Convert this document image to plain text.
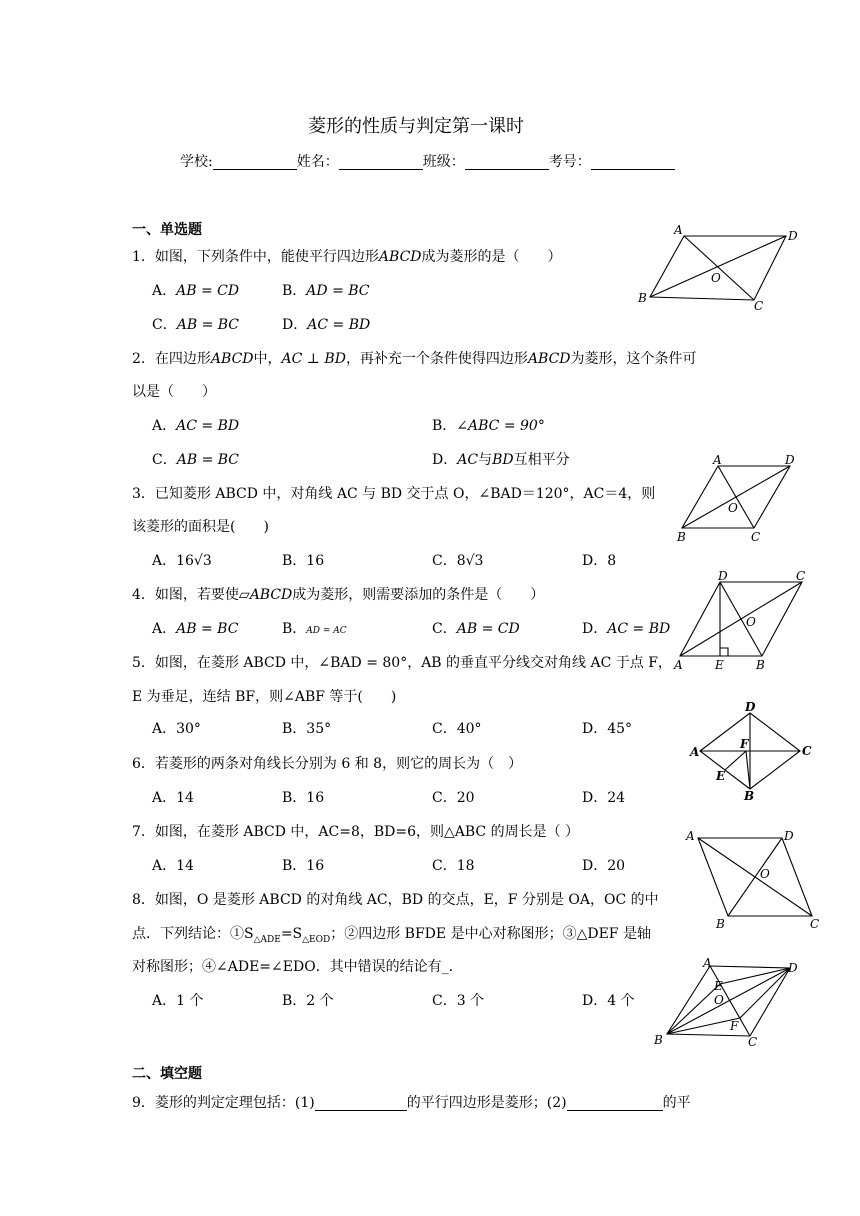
菱形的性质与判定第一课时
学校:	姓名：	班级：	考号：
一、单选题
1．如图，下列条件中，能使平行四边形ABCD成为菱形的是（　　）
A．AB = CD	B．AD = BC
C．AB = BC	D．AC = BD
2．在四边形ABCD中，AC ⊥ BD，再补充一个条件使得四边形ABCD为菱形，这个条件可
以是（　　）
A．AC = BD	B．∠ABC = 90°
C．AB = BC	D．AC与BD互相平分
3．已知菱形 ABCD 中，对角线 AC 与 BD 交于点 O，∠BAD＝120°，AC＝4，则
该菱形的面积是(　　)
A．16√3	B．16	C．8√3	D．8
4．如图，若要使▱ABCD成为菱形，则需要添加的条件是（　　）
A．AB = BC	B．AD = AC	C．AB = CD	D．AC = BD
5．如图，在菱形 ABCD 中，∠BAD = 80°，AB 的垂直平分线交对角线 AC 于点 F，
E 为垂足，连结 BF，则∠ABF 等于(　　)
A．30°	B．35°	C．40°	D．45°
6．若菱形的两条对角线长分别为 6 和 8，则它的周长为（　）
A．14	B．16	C．20	D．24
7．如图，在菱形 ABCD 中，AC=8，BD=6，则△ABC 的周长是（ ）
A．14	B．16	C．18	D．20
8．如图，O 是菱形 ABCD 的对角线 AC，BD 的交点，E，F 分别是 OA，OC 的中
点．下列结论：$①S_{\triangle ADE}=S_{\triangle EOD}$；②四边形 BFDE 是中心对称图形；③△DEF 是轴
对称图形；④∠ADE=∠EDO．其中错误的结论有_.
A．1 个	B．2 个	C．3 个	D．4 个
二、填空题
9．菱形的判定定理包括：(1)	的平行四边形是菱形；(2)	的平
A	D
B
C
O
A	D
B	C
O
D	C
A	E	B
O
D
C
A
B
F
E
A	D
B	C
O
A	D
B	C
E
O
F
